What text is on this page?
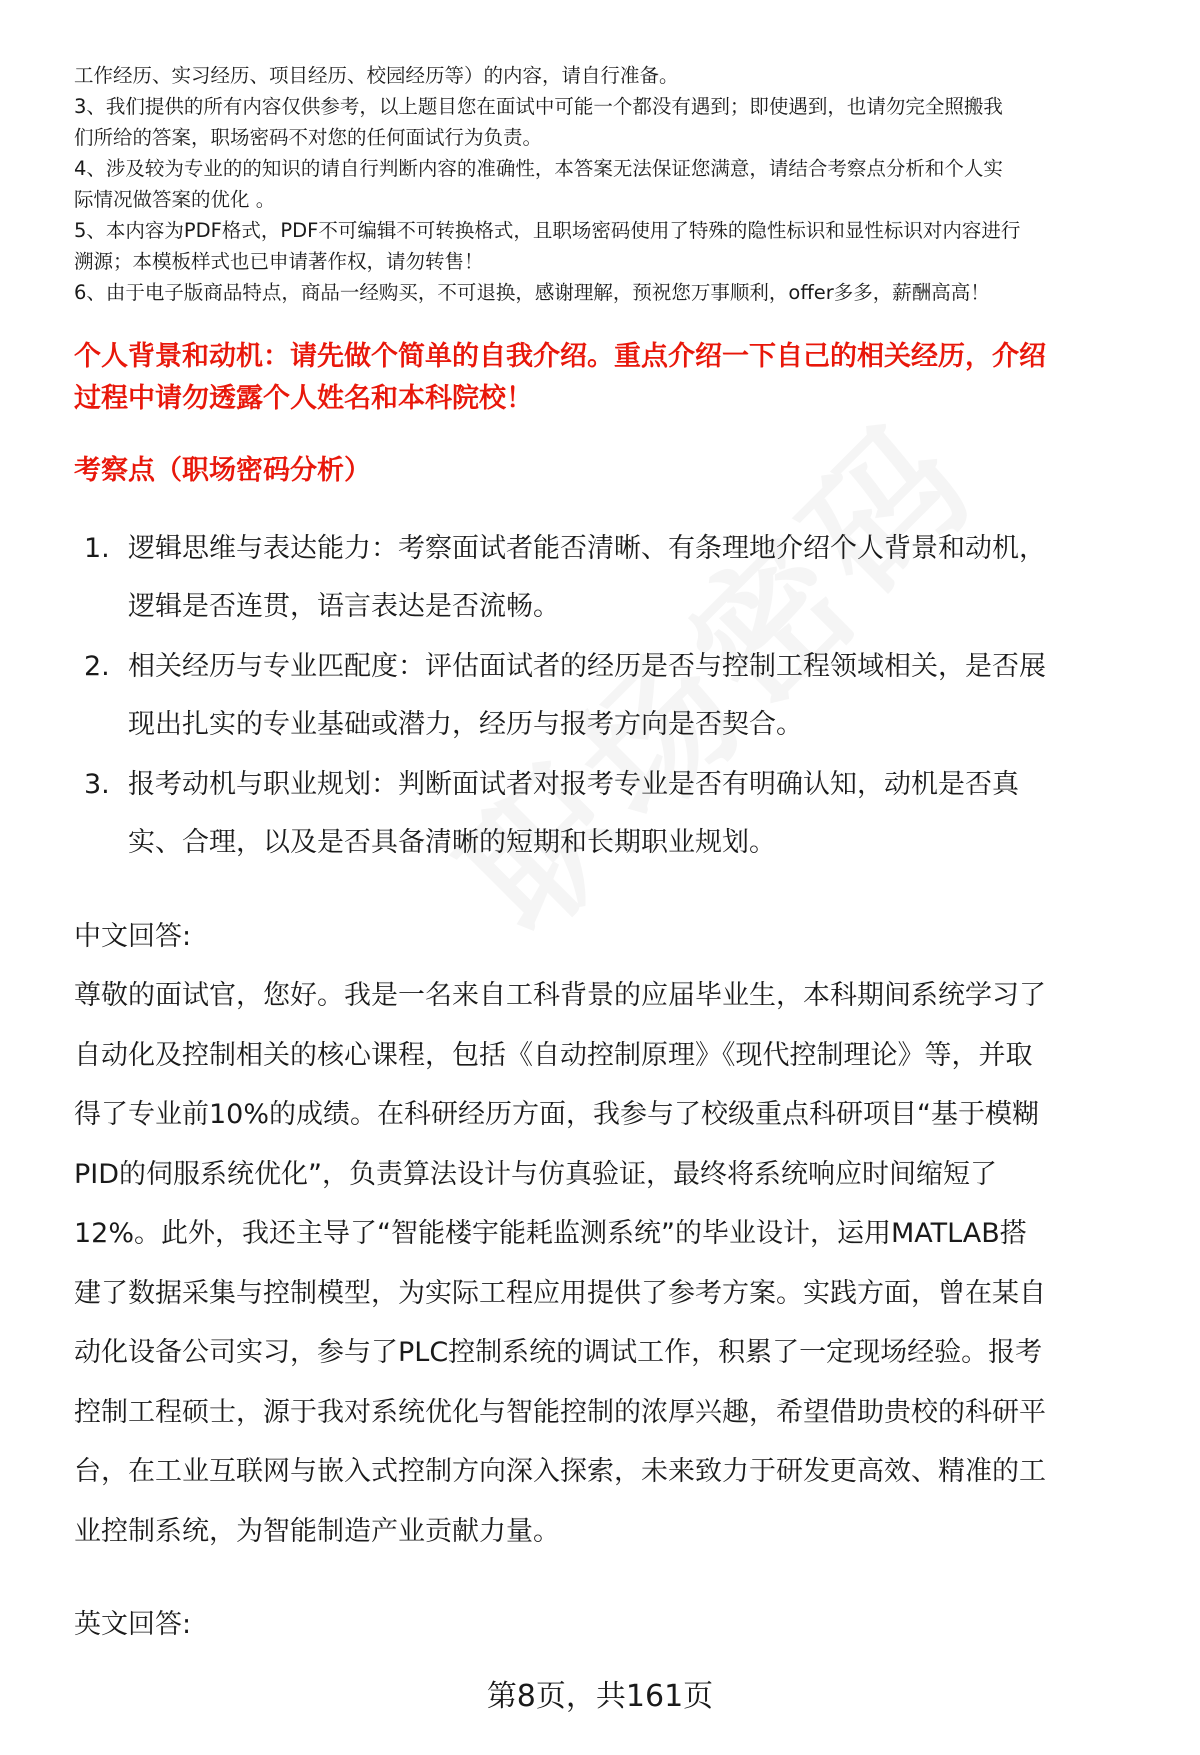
工作经历、实习经历、项目经历、校园经历等）的内容，请自行准备。

3、我们提供的所有内容仅供参考，以上题目您在面试中可能一个都没有遇到；即使遇到，也请勿完全照搬我

们所给的答案，职场密码不对您的任何面试行为负责。

4、涉及较为专业的的知识的请自行判断内容的准确性，本答案无法保证您满意，请结合考察点分析和个人实

际情况做答案的优化 。

5、本内容为PDF格式，PDF不可编辑不可转换格式，且职场密码使用了特殊的隐性标识和显性标识对内容进行

溯源；本模板样式也已申请著作权，请勿转售！

6、由于电子版商品特点，商品一经购买，不可退换，感谢理解，预祝您万事顺利，offer多多，薪酬高高！

个人背景和动机：请先做个简单的自我介绍。重点介绍一下自己的相关经历，介绍

过程中请勿透露个人姓名和本科院校！

考察点（职场密码分析）

1. 逻辑思维与表达能力：考察面试者能否清晰、有条理地介绍个人背景和动机，
逻辑是否连贯，语言表达是否流畅。
2. 相关经历与专业匹配度：评估面试者的经历是否与控制工程领域相关，是否展
现出扎实的专业基础或潜力，经历与报考方向是否契合。
3. 报考动机与职业规划：判断面试者对报考专业是否有明确认知，动机是否真
实、合理，以及是否具备清晰的短期和长期职业规划。
中文回答:
尊敬的面试官，您好。我是一名来自工科背景的应届毕业生，本科期间系统学习了
自动化及控制相关的核心课程，包括《自动控制原理》《现代控制理论》等，并取
得了专业前10%的成绩。在科研经历方面，我参与了校级重点科研项目“基于模糊
PID的伺服系统优化”，负责算法设计与仿真验证，最终将系统响应时间缩短了
12%。此外，我还主导了“智能楼宇能耗监测系统”的毕业设计，运用MATLAB搭
建了数据采集与控制模型，为实际工程应用提供了参考方案。实践方面，曾在某自
动化设备公司实习，参与了PLC控制系统的调试工作，积累了一定现场经验。报考
控制工程硕士，源于我对系统优化与智能控制的浓厚兴趣，希望借助贵校的科研平
台，在工业互联网与嵌入式控制方向深入探索，未来致力于研发更高效、精准的工
业控制系统，为智能制造产业贡献力量。
英文回答:
第8页，共161页
